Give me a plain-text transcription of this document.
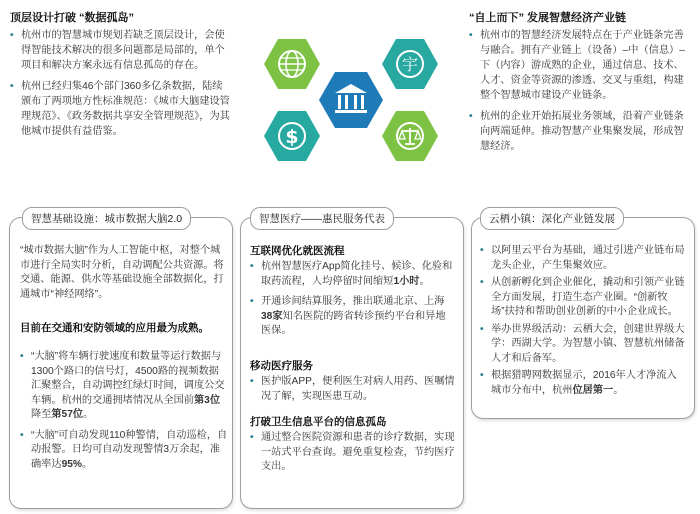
顶层设计打破 “数据孤岛”
• 杭州市的智慧城市规划若缺乏顶层设计，会使得智能技术解决的很多问题都是局部的，单个项目和解决方案永远有信息孤岛的存在。
• 杭州已经归集46个部门360多亿条数据，陆续颁布了两项地方性标准规范：《城市大脑建设管理规范》、《政务数据共享安全管理规范》，为其他城市提供有益借鉴。
“自上而下” 发展智慧经济产业链
• 杭州市的智慧经济发展特点在于产业链条完善与融合。拥有产业链上（设备）–中（信息）–下（内容）游成熟的企业，通过信息、技术、人才、资金等资源的渗透、交叉与重组，构建整个智慧城市建设产业链条。
• 杭州的企业开始拓展业务领域，沿着产业链条向两端延伸。推动智慧产业集聚发展，形成智慧经济。
宇
$
智慧基础设施：城市数据大脑2.0
“城市数据大脑”作为人工智能中枢，对整个城市进行全局实时分析，自动调配公共资源。将交通、能源、供水等基础设施全部数据化，打通城市“神经网络”。
目前在交通和安防领域的应用最为成熟。
• “大脑”将车辆行驶速度和数量等运行数据与1300个路口的信号灯，4500路的视频数据汇聚整合，自动调控红绿灯时间，调度公交车辆。杭州的交通拥堵情况从全国前第3位降至第57位。
• “大脑”可自动发现110种警情，自动巡检，自动报警。日均可自动发现警情3万余起，准确率达95%。
智慧医疗——惠民服务代表
互联网优化就医流程
• 杭州智慧医疗App简化挂号、候诊、化验和取药流程，人均停留时间缩短1小时。
• 开通诊间结算服务，推出联通北京、上海38家知名医院的跨省转诊预约平台和异地医保。
移动医疗服务
• 医护版APP，便利医生对病人用药、医嘱情况了解，实现医患互动。
打破卫生信息平台的信息孤岛
• 通过整合医院资源和患者的诊疗数据，实现一站式平台查询。避免重复检查，节约医疗支出。
云栖小镇：深化产业链发展
• 以阿里云平台为基础，通过引进产业链布局龙头企业，产生集聚效应。
• 从创新孵化到企业催化，撬动和引领产业链全方面发展，打造生态产业圈。“创新牧场”扶持和帮助创业创新的中小企业成长。
• 举办世界级活动：云栖大会，创建世界级大学：西湖大学。为智慧小镇、智慧杭州储备人才和后备军。
• 根据猎聘网数据显示，2016年人才净流入城市分布中，杭州位居第一。
